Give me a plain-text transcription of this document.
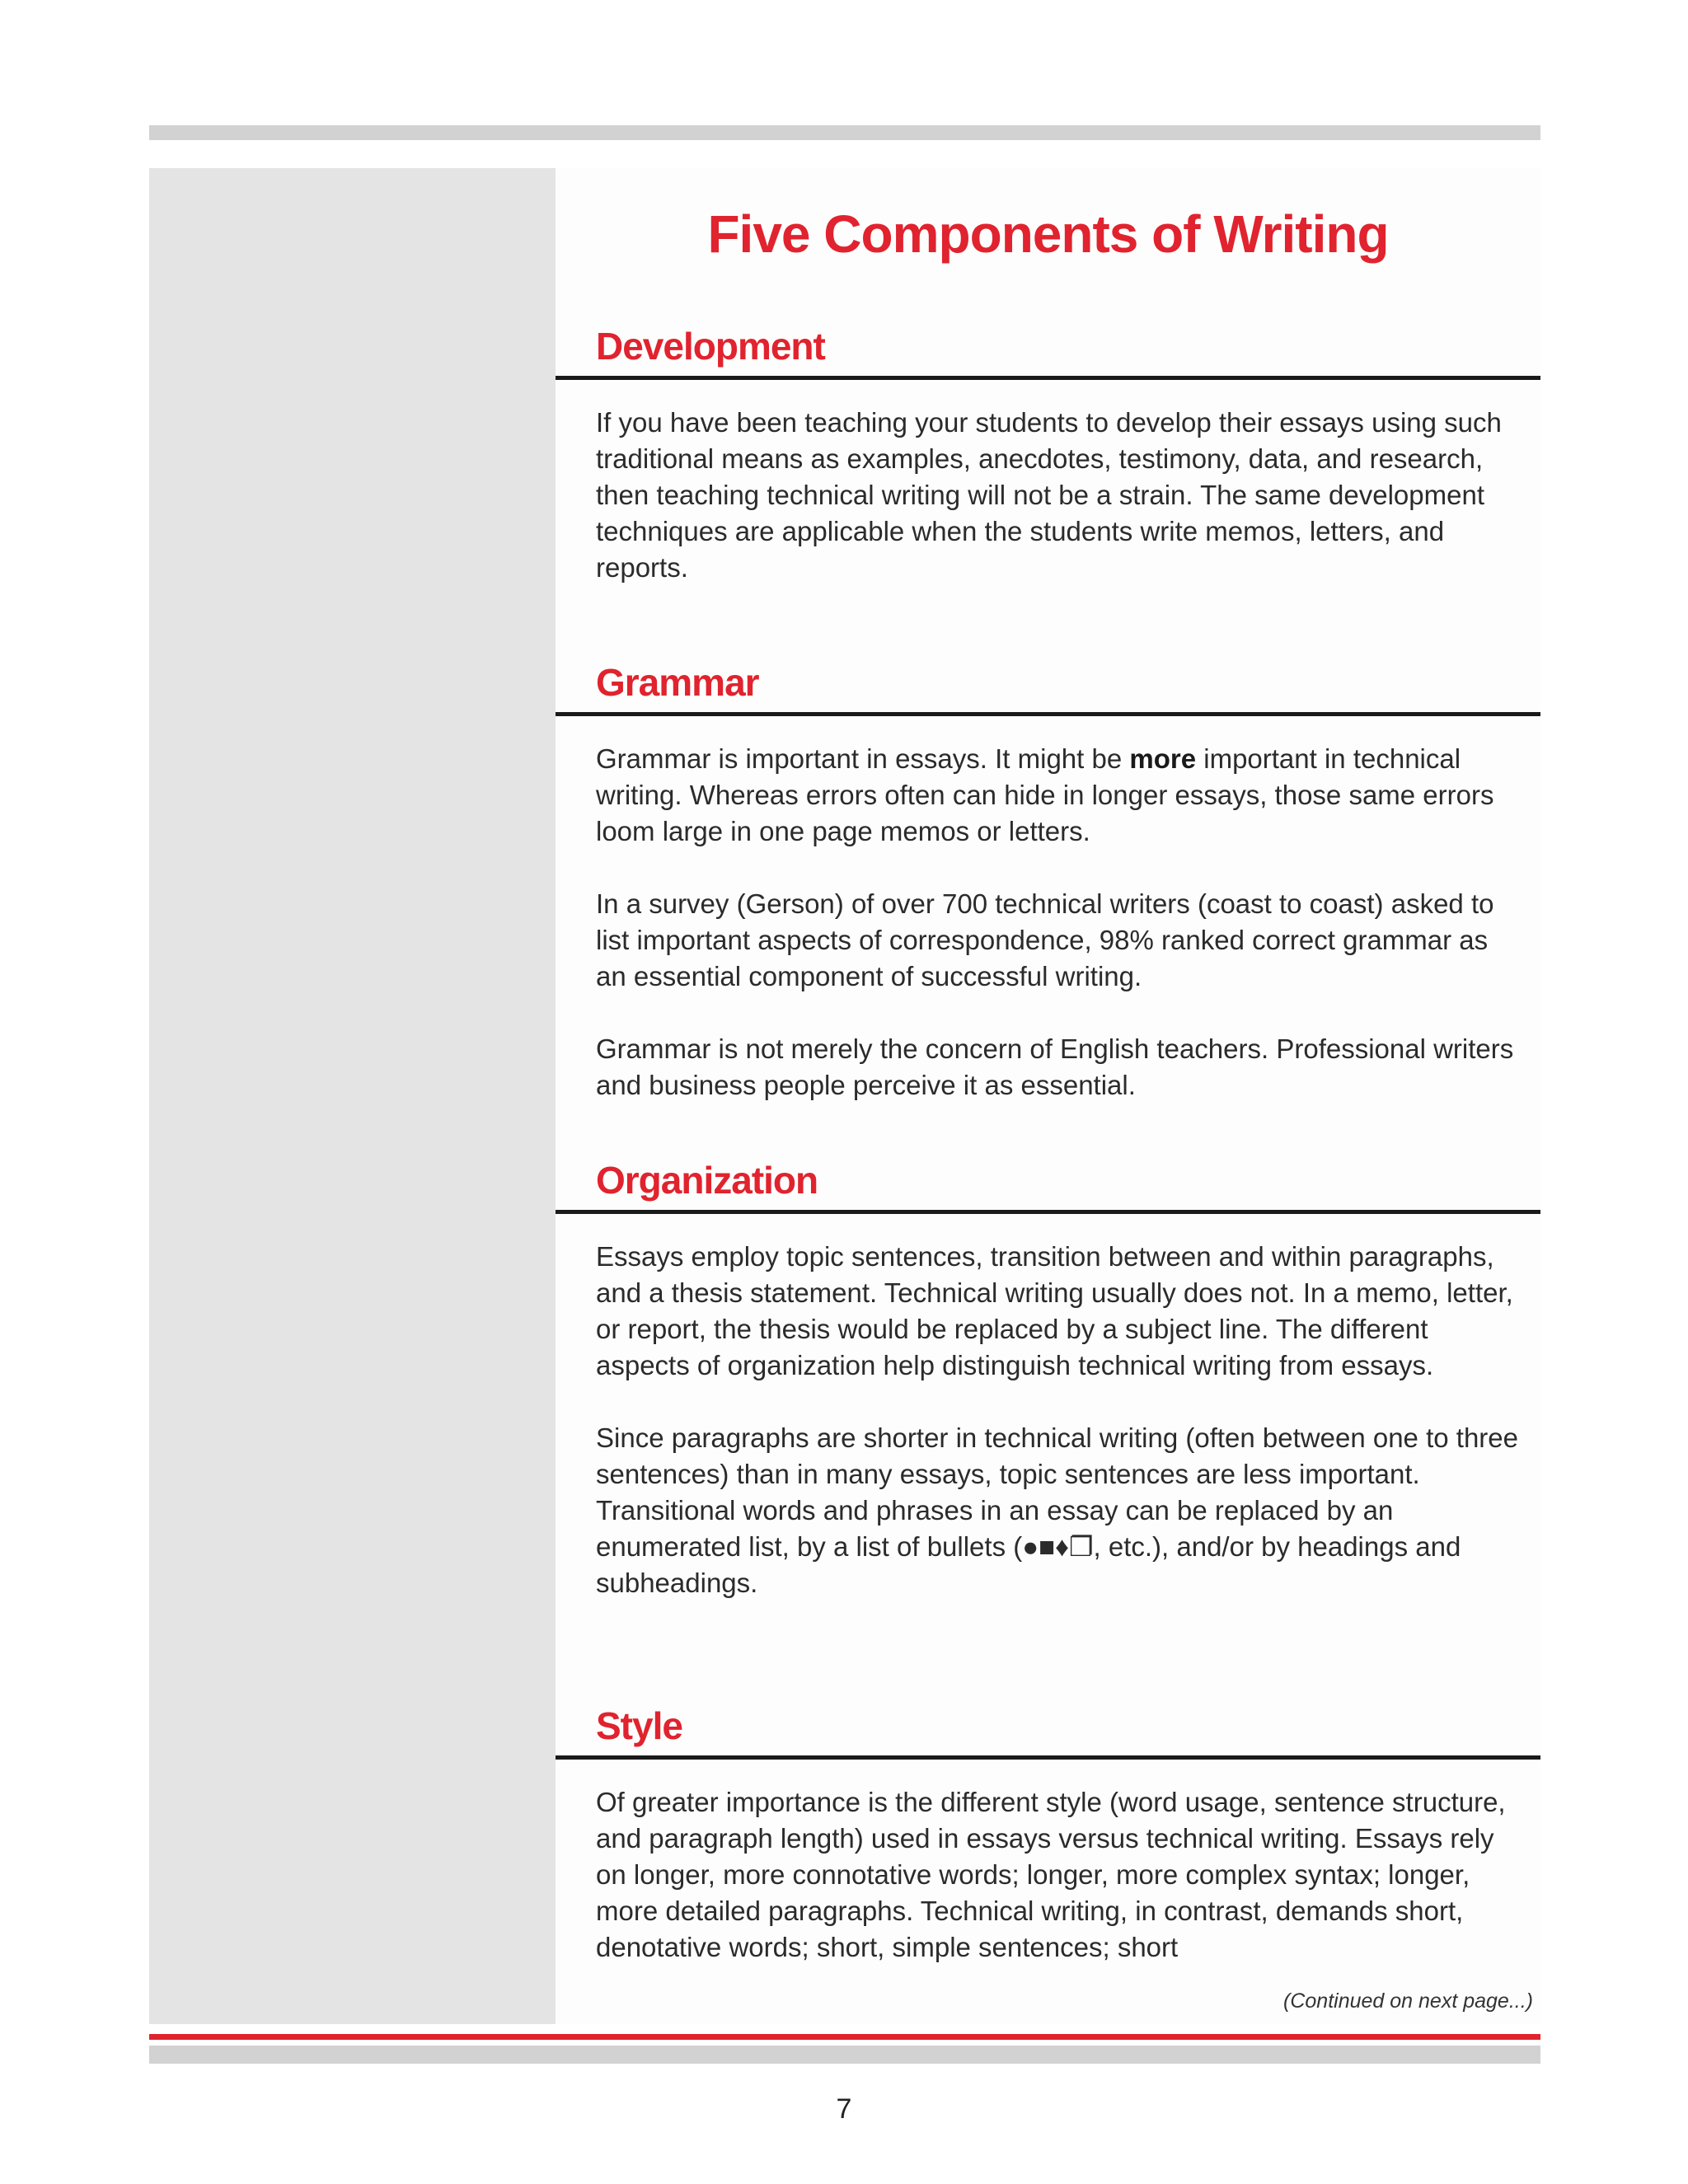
Five Components of Writing
Development

If you have been teaching your students to develop their essays using such traditional means as examples, anecdotes, testimony, data, and research, then teaching technical writing will not be a strain. The same development techniques are applicable when the students write memos, letters, and reports.

Grammar

Grammar is important in essays. It might be more important in technical writing. Whereas errors often can hide in longer essays, those same errors loom large in one page memos or letters.

In a survey (Gerson) of over 700 technical writers (coast to coast) asked to list important aspects of correspondence, 98% ranked correct grammar as an essential component of successful writing.

Grammar is not merely the concern of English teachers. Professional writers and business people perceive it as essential.

Organization

Essays employ topic sentences, transition between and within paragraphs, and a thesis statement. Technical writing usually does not. In a memo, letter, or report, the thesis would be replaced by a subject line. The different aspects of organization help distinguish technical writing from essays.

Since paragraphs are shorter in technical writing (often between one to three sentences) than in many essays, topic sentences are less important. Transitional words and phrases in an essay can be replaced by an enumerated list, by a list of bullets (●■♦❐, etc.), and/or by headings and subheadings.

Style

Of greater importance is the different style (word usage, sentence structure, and paragraph length) used in essays versus technical writing. Essays rely on longer, more connotative words; longer, more complex syntax; longer, more detailed paragraphs. Technical writing, in contrast, demands short, denotative words; short, simple sentences; short

(Continued on next page...)
7
